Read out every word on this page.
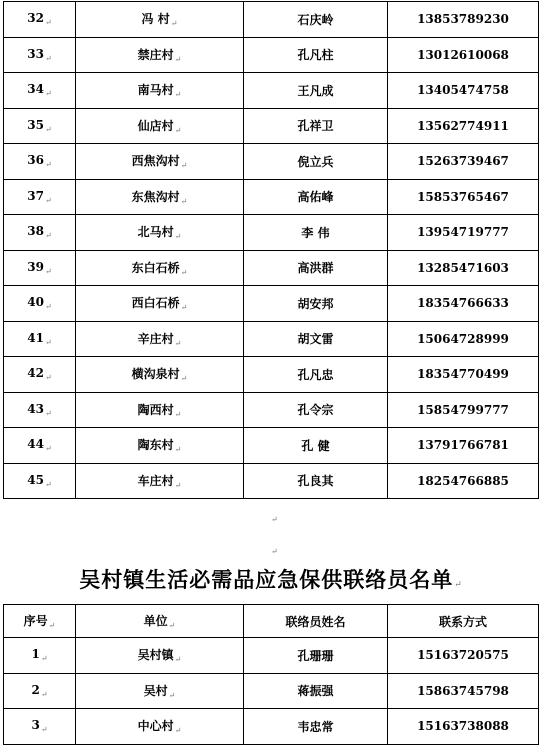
32 ↵	冯 村 ↵	石庆岭	13853789230
33 ↵	禁庄村 ↵	孔凡柱	13012610068
34 ↵	南马村 ↵	王凡成	13405474758
35 ↵	仙店村 ↵	孔祥卫	13562774911
36 ↵	西焦沟村 ↵	倪立兵	15263739467
37 ↵	东焦沟村 ↵	高佑峰	15853765467
38 ↵	北马村 ↵	李 伟	13954719777
39 ↵	东白石桥 ↵	高洪群	13285471603
40 ↵	西白石桥 ↵	胡安邦	18354766633
41 ↵	辛庄村 ↵	胡文雷	15064728999
42 ↵	横沟泉村 ↵	孔凡忠	18354770499
43 ↵	陶西村 ↵	孔令宗	15854799777
44 ↵	陶东村 ↵	孔 健	13791766781
45 ↵	车庄村 ↵	孔良其	18254766885
↵
↵
吴村镇生活必需品应急保供联络员名单 ↵
序号 ↵	单位 ↵	联络员姓名	联系方式
1 ↵	吴村镇 ↵	孔珊珊	15163720575
2 ↵	吴村 ↵	蒋振强	15863745798
3 ↵	中心村 ↵	韦忠常	15163738088
